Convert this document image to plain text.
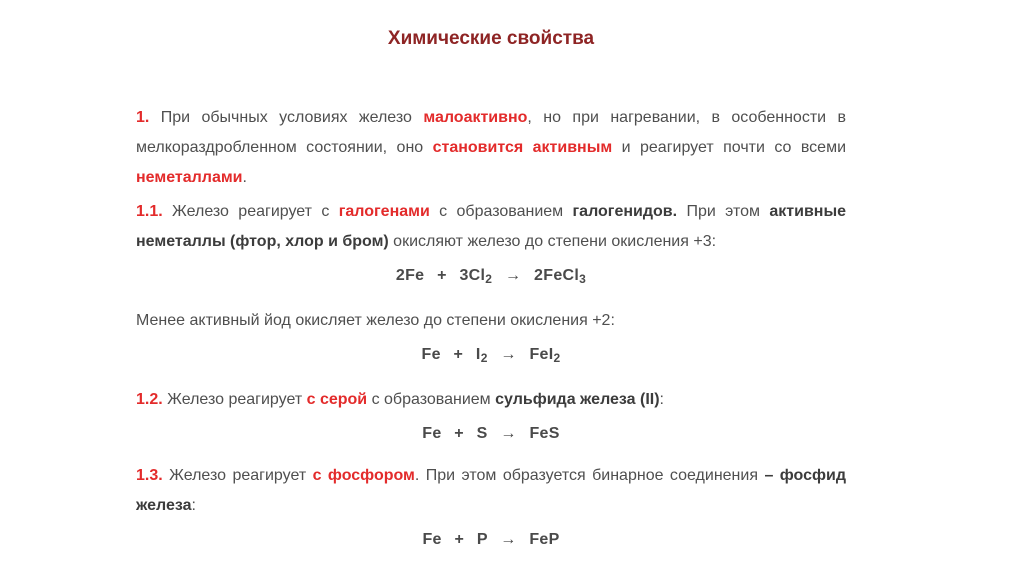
Химические свойства
1. При обычных условиях железо малоактивно, но при нагревании, в особенности в мелкораздробленном состоянии, оно становится активным и реагирует почти со всеми неметаллами.
1.1. Железо реагирует с галогенами с образованием галогенидов. При этом активные неметаллы (фтор, хлор и бром) окисляют железо до степени окисления +3:
2Fe + 3Cl2 → 2FeCl3
Менее активный йод окисляет железо до степени окисления +2:
Fe + I2 → FeI2
1.2. Железо реагирует с серой с образованием сульфида железа (II):
Fe + S → FeS
1.3. Железо реагирует с фосфором. При этом образуется бинарное соединения – фосфид железа:
Fe + P → FeP
